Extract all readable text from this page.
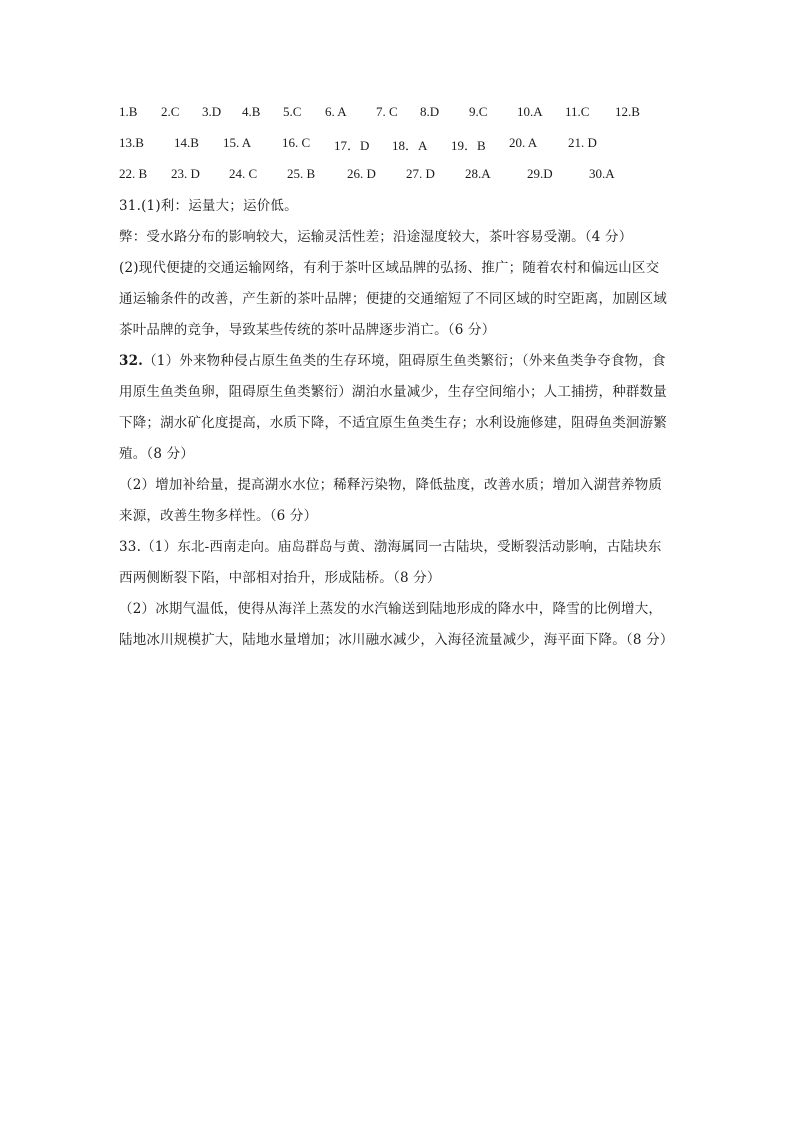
1.B 2.C 3.D 4.B 5.C 6. A 7. C 8.D 9.C 10.A 11.C 12.B
13.B 14.B 15. A 16. C 17．D 18．A 19．B 20. A 21. D
22. B 23. D 24. C 25. B 26. D 27. D 28.A	29.D	30.A
31.(1)利：运量大；运价低。
弊：受水路分布的影响较大，运输灵活性差；沿途湿度较大，茶叶容易受潮。（4 分）
(2)现代便捷的交通运输网络，有利于茶叶区域品牌的弘扬、推广；随着农村和偏远山区交
通运输条件的改善，产生新的茶叶品牌；便捷的交通缩短了不同区域的时空距离，加剧区域
茶叶品牌的竞争，导致某些传统的茶叶品牌逐步消亡。（6 分）
32.（1）外来物种侵占原生鱼类的生存环境，阻碍原生鱼类繁衍；（外来鱼类争夺食物，食
用原生鱼类鱼卵，阻碍原生鱼类繁衍）湖泊水量减少，生存空间缩小；人工捕捞，种群数量
下降；湖水矿化度提高，水质下降，不适宜原生鱼类生存；水利设施修建，阻碍鱼类洄游繁
殖。（8 分）
（2）增加补给量，提高湖水水位；稀释污染物，降低盐度，改善水质；增加入湖营养物质
来源，改善生物多样性。（6 分）
33.（1）东北-西南走向。庙岛群岛与黄、渤海属同一古陆块，受断裂活动影响，古陆块东
西两侧断裂下陷，中部相对抬升，形成陆桥。（8 分）
（2）冰期气温低，使得从海洋上蒸发的水汽输送到陆地形成的降水中，降雪的比例增大，
陆地冰川规模扩大，陆地水量增加；冰川融水减少，入海径流量减少，海平面下降。（8 分）
